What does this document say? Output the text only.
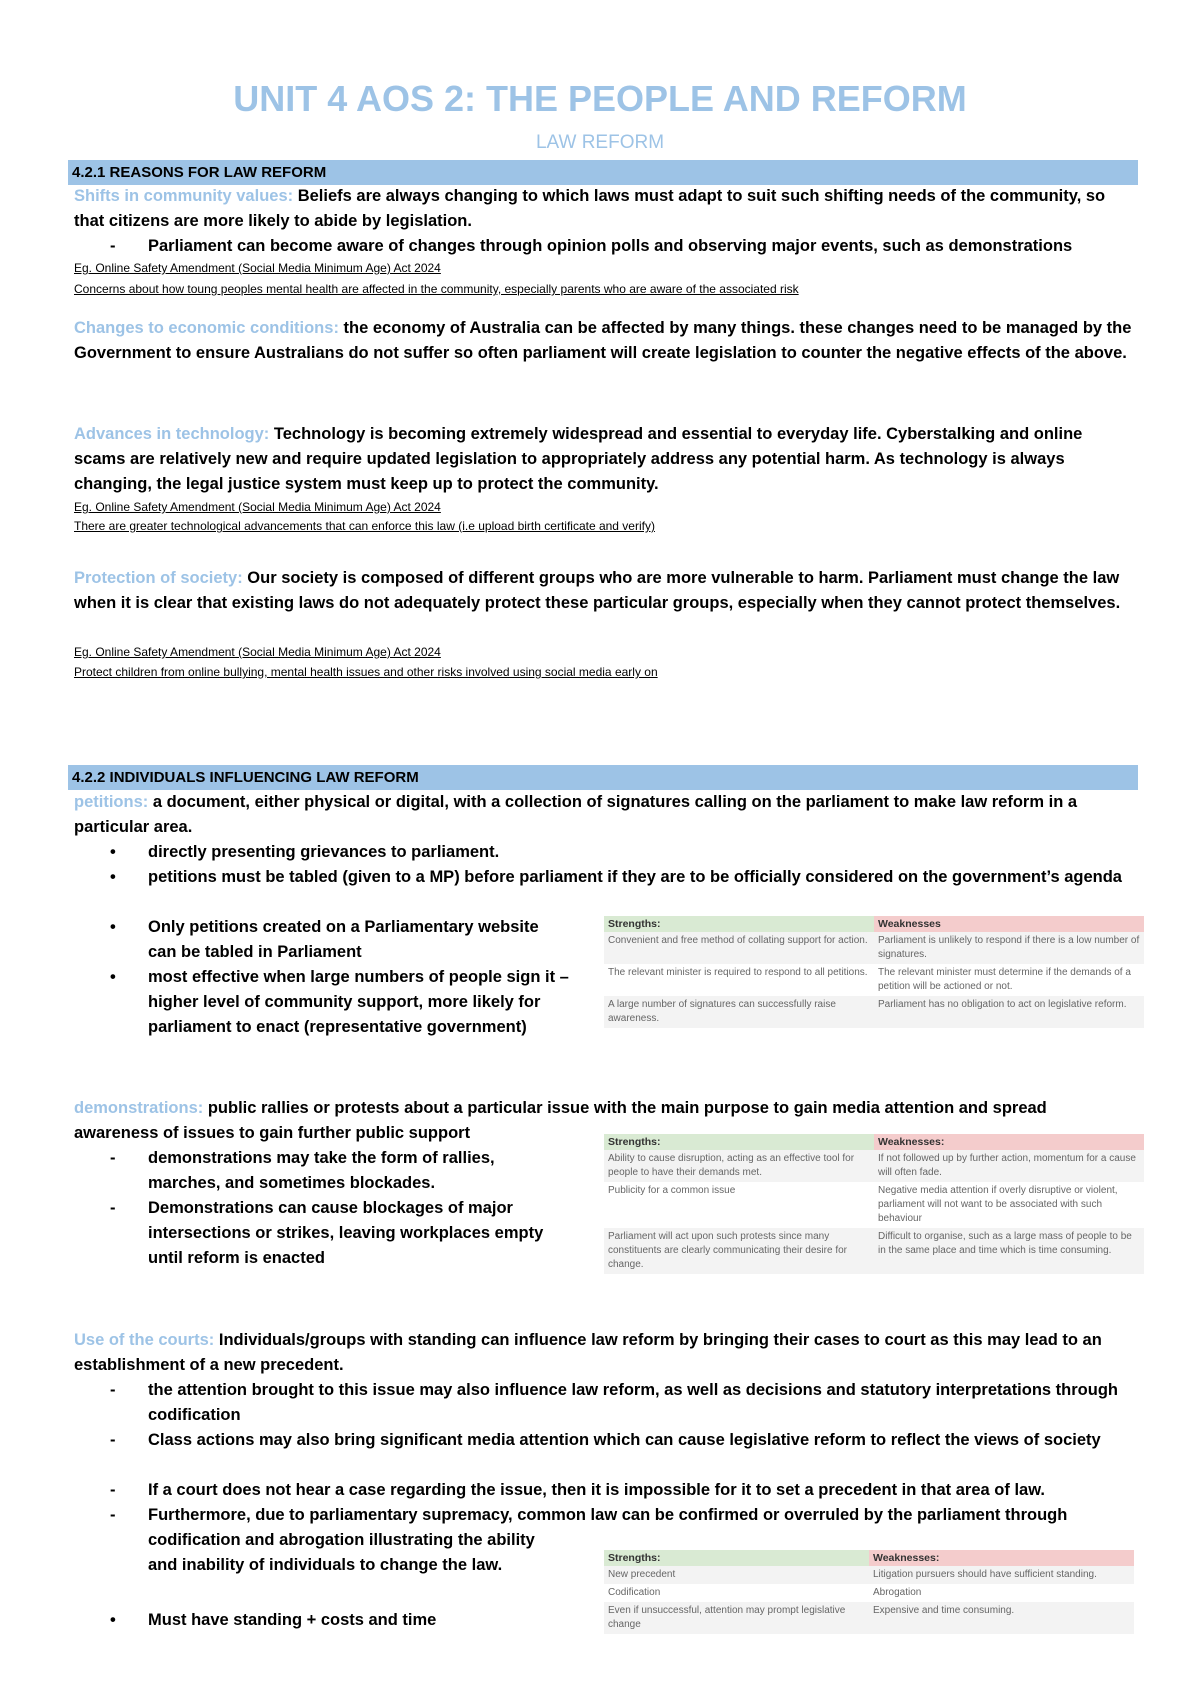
UNIT 4 AOS 2: THE PEOPLE AND REFORM
LAW REFORM
4.2.1 REASONS FOR LAW REFORM
Shifts in community values: Beliefs are always changing to which laws must adapt to suit such shifting needs of the community, so that citizens are more likely to abide by legislation.
-	Parliament can become aware of changes through opinion polls and observing major events, such as demonstrations
Eg. Online Safety Amendment (Social Media Minimum Age) Act 2024
Concerns about how toung peoples mental health are affected in the community, especially parents who are aware of the associated risk
Changes to economic conditions: the economy of Australia can be affected by many things. these changes need to be managed by the Government to ensure Australians do not suffer so often parliament will create legislation to counter the negative effects of the above.
Advances in technology: Technology is becoming extremely widespread and essential to everyday life. Cyberstalking and online scams are relatively new and require updated legislation to appropriately address any potential harm. As technology is always changing, the legal justice system must keep up to protect the community.
Eg. Online Safety Amendment (Social Media Minimum Age) Act 2024
There are greater technological advancements that can enforce this law (i.e upload birth certificate and verify)
Protection of society: Our society is composed of different groups who are more vulnerable to harm. Parliament must change the law when it is clear that existing laws do not adequately protect these particular groups, especially when they cannot protect themselves.
Eg. Online Safety Amendment (Social Media Minimum Age) Act 2024
Protect children from online bullying, mental health issues and other risks involved using social media early on
4.2.2 INDIVIDUALS INFLUENCING LAW REFORM
petitions: a document, either physical or digital, with a collection of signatures calling on the parliament to make law reform in a particular area.
•	directly presenting grievances to parliament.
•	petitions must be tabled (given to a MP) before parliament if they are to be officially considered on the government’s agenda
•	Only petitions created on a Parliamentary website can be tabled in Parliament
•	most effective when large numbers of people sign it – higher level of community support, more likely for parliament to enact (representative government)
Strengths:	Weaknesses
Convenient and free method of collating support for action.	Parliament is unlikely to respond if there is a low number of signatures.
The relevant minister is required to respond to all petitions.	The relevant minister must determine if the demands of a petition will be actioned or not.
A large number of signatures can successfully raise awareness.	Parliament has no obligation to act on legislative reform.
demonstrations: public rallies or protests about a particular issue with the main purpose to gain media attention and spread awareness of issues to gain further public support
-	demonstrations may take the form of rallies, marches, and sometimes blockades.
-	Demonstrations can cause blockages of major intersections or strikes, leaving workplaces empty until reform is enacted
Strengths:	Weaknesses:
Ability to cause disruption, acting as an effective tool for people to have their demands met.	If not followed up by further action, momentum for a cause will often fade.
Publicity for a common issue	Negative media attention if overly disruptive or violent, parliament will not want to be associated with such behaviour
Parliament will act upon such protests since many constituents are clearly communicating their desire for change.	Difficult to organise, such as a large mass of people to be in the same place and time which is time consuming.
Use of the courts: Individuals/groups with standing can influence law reform by bringing their cases to court as this may lead to an establishment of a new precedent.
-	the attention brought to this issue may also influence law reform, as well as decisions and statutory interpretations through codification
-	Class actions may also bring significant media attention which can cause legislative reform to reflect the views of society
-	If a court does not hear a case regarding the issue, then it is impossible for it to set a precedent in that area of law.
-	Furthermore, due to parliamentary supremacy, common law can be confirmed or overruled by the parliament through
codification and abrogation illustrating the ability
and inability of individuals to change the law.
•	Must have standing + costs and time
Strengths:	Weaknesses:
New precedent	Litigation pursuers should have sufficient standing.
Codification	Abrogation
Even if unsuccessful, attention may prompt legislative change	Expensive and time consuming.
